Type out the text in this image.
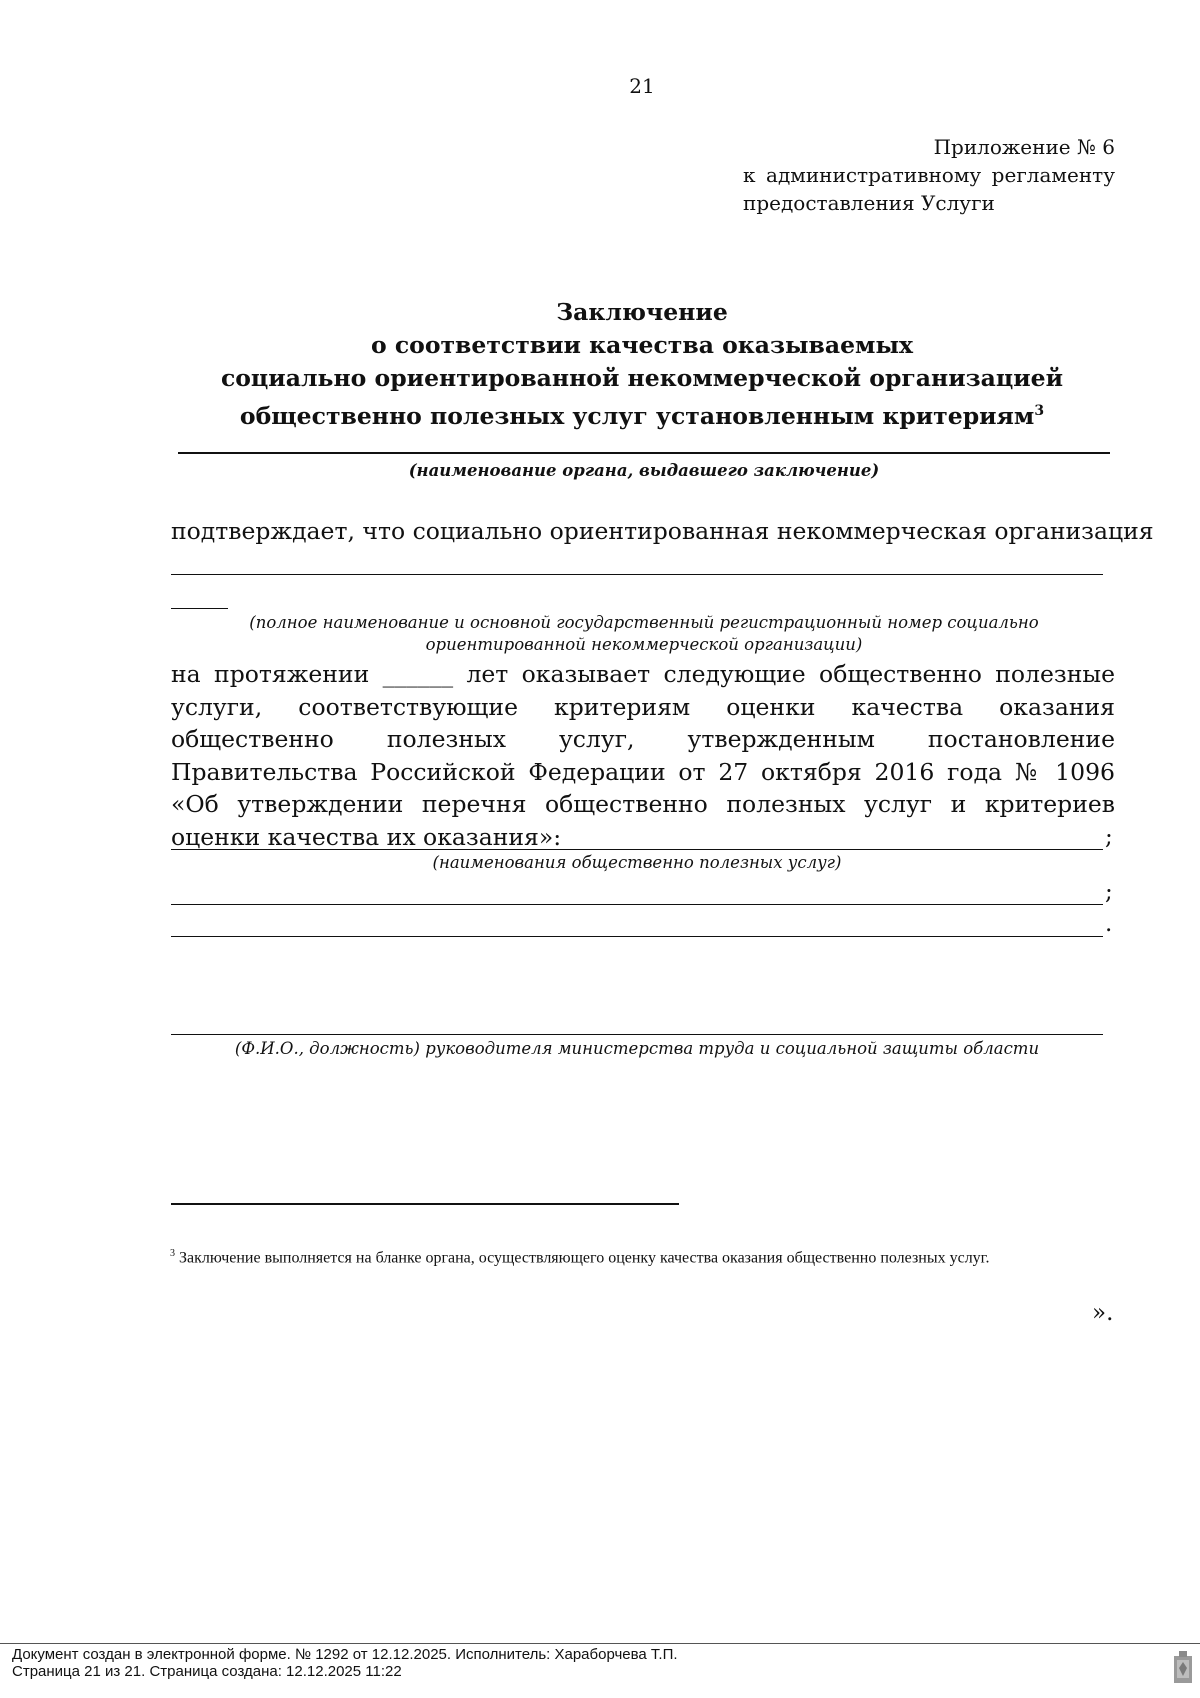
21
Приложение № 6
к административному регламенту
предоставления Услуги
Заключение
о соответствии качества оказываемых
социально ориентированной некоммерческой организацией
общественно полезных услуг установленным критериям$^3$
(наименование органа, выдавшего заключение)
подтверждает, что социально ориентированная некоммерческая организация
(полное наименование и основной государственный регистрационный номер социально ориентированной некоммерческой организации)
на протяжении ______ лет оказывает следующие общественно полезные услуги, соответствующие критериям оценки качества оказания общественно полезных услуг, утвержденным постановление Правительства Российской Федерации от 27 октября 2016 года № 1096 «Об утверждении перечня общественно полезных услуг и критериев оценки качества их оказания»:	;
(наименования общественно полезных услуг)
;
.
(Ф.И.О., должность) руководителя министерства труда и социальной защиты области
$^3$ Заключение выполняется на бланке органа, осуществляющего оценку качества оказания общественно полезных услуг.
».
Документ создан в электронной форме. № 1292 от 12.12.2025. Исполнитель: Хараборчева Т.П.
Страница 21 из 21. Страница создана: 12.12.2025 11:22
